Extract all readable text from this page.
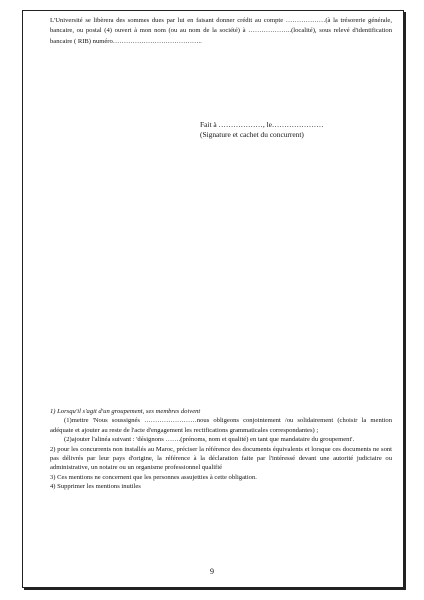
L'Université se libèrera des sommes dues par lui en faisant donner crédit au compte ………………(à la trésorerie générale, bancaire, ou postal (4) ouvert à mon nom (ou au nom de la société) à ………………..(localité), sous relevé d'identification bancaire ( RIB) numéro…………………………………..

Fait à ………………, le…………………

(Signature et cachet du concurrent)

1) Lorsqu'il s'agit d'un groupement, ses membres doivent

(1)mettre 'Nous soussignés ……………………nous obligeons conjointement /ou solidairement (choisir la mention adéquate et ajouter au reste de l'acte d'engagement les rectifications grammaticales correspondantes) ;

(2)ajouter l'alinéa suivant : 'désignons …….(prénoms, nom et qualité) en tant que mandataire du groupement'.

2) pour les concurrents non installés au Maroc, préciser la référence des documents équivalents et lorsque ces documents ne sont pas délivrés par leur pays d'origine, la référence à la déclaration faite par l'intéressé devant une autorité judiciaire ou administrative, un notaire ou un organisme professionnel qualifié

3) Ces mentions ne concernent que les personnes assujetties à cette obligation.

4) Supprimer les mentions inutiles

9
